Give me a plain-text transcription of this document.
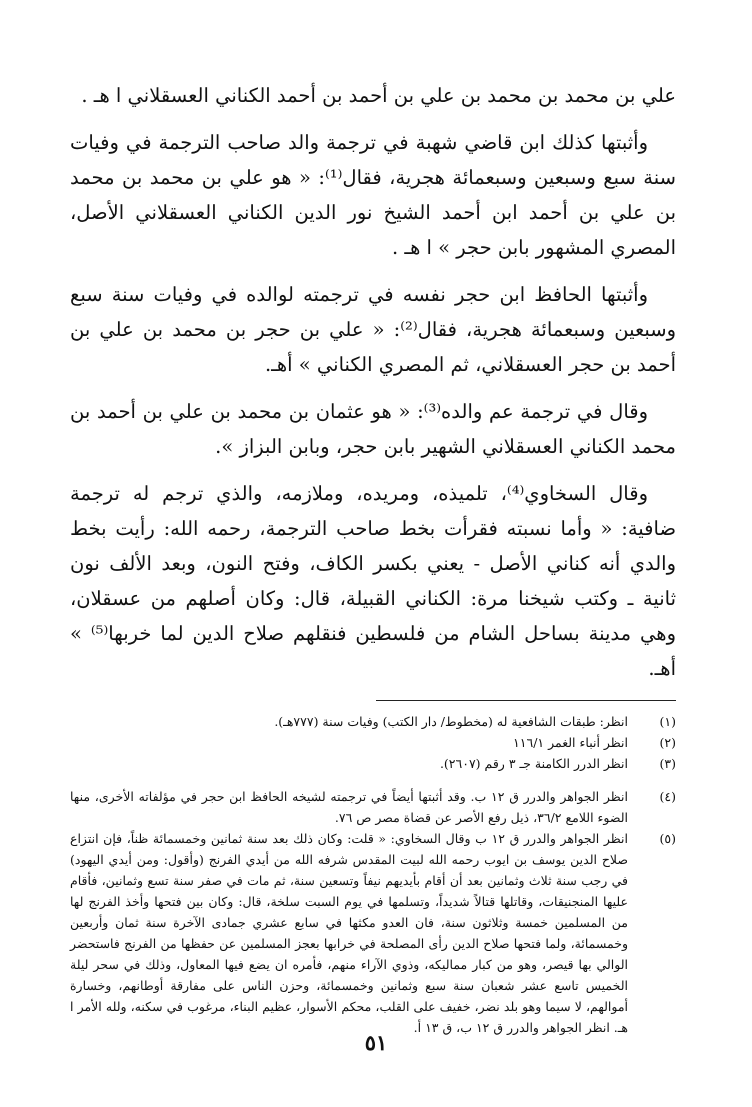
علي بن محمد بن محمد بن علي بن أحمد بن أحمد الكناني العسقلاني ا هـ .

وأثبتها كذلك ابن قاضي شهبة في ترجمة والد صاحب الترجمة في وفيات سنة سبع وسبعين وسبعمائة هجرية، فقال⁽¹⁾: « هو علي بن محمد بن محمد بن علي بن أحمد ابن أحمد الشيخ نور الدين الكناني العسقلاني الأصل، المصري المشهور بابن حجر » ا هـ .

وأثبتها الحافظ ابن حجر نفسه في ترجمته لوالده في وفيات سنة سبع وسبعين وسبعمائة هجرية، فقال⁽²⁾: « علي بن حجر بن محمد بن علي بن أحمد بن حجر العسقلاني، ثم المصري الكناني » أهـ.

وقال في ترجمة عم والده⁽³⁾: « هو عثمان بن محمد بن علي بن أحمد بن محمد الكناني العسقلاني الشهير بابن حجر، وبابن البزاز ».

وقال السخاوي⁽⁴⁾، تلميذه، ومريده، وملازمه، والذي ترجم له ترجمة ضافية: « وأما نسبته فقرأت بخط صاحب الترجمة، رحمه الله: رأيت بخط والدي أنه كناني الأصل - يعني بكسر الكاف، وفتح النون، وبعد الألف نون ثانية ـ وكتب شيخنا مرة: الكناني القبيلة، قال: وكان أصلهم من عسقلان، وهي مدينة بساحل الشام من فلسطين فنقلهم صلاح الدين لما خربها⁽⁵⁾ » أهـ.

(١)
انظر: طبقات الشافعية له (مخطوط/ دار الكتب) وفيات سنة (٧٧٧هـ).
(٢)
انظر أنباء الغمر ١١٦/١
(٣)
انظر الدرر الكامنة جـ ٣ رقم (٢٦٠٧).
(٤)
انظر الجواهر والدرر ق ١٢ ب. وقد أثبتها أيضاً في ترجمته لشيخه الحافظ ابن حجر في مؤلفاته الأخرى، منها الضوء اللامع ٣٦/٢، ذيل رفع الأصر عن قضاة مصر ص ٧٦.
(٥)
انظر الجواهر والدرر ق ١٢ ب وقال السخاوي: « قلت: وكان ذلك بعد سنة ثمانين وخمسمائة ظناً، فإن انتزاع صلاح الدين يوسف بن ايوب رحمه الله لبيت المقدس شرفه الله من أيدي الفرنج (وأقول: ومن أيدي اليهود) في رجب سنة ثلاث وثمانين بعد أن أقام بأيديهم نيفاً وتسعين سنة، ثم مات في صفر سنة تسع وثمانين، فأقام عليها المنجنيقات، وقاتلها قتالاً شديداً، وتسلمها في يوم السبت سلخة، قال: وكان بين فتحها وأخذ الفرنج لها من المسلمين خمسة وثلاثون سنة، فان العدو مكثها في سابع عشري جمادى الآخرة سنة ثمان وأربعين وخمسمائة، ولما فتحها صلاح الدين رأى المصلحة في خرابها بعجز المسلمين عن حفظها من الفرنج فاستحضر الوالي بها قيصر، وهو من كبار مماليكه، وذوي الآراء منهم، فأمره ان يضع فيها المعاول، وذلك في سحر ليلة الخميس تاسع عشر شعبان سنة سبع وثمانين وخمسمائة، وحزن الناس على مفارقة أوطانهم، وخسارة أموالهم، لا سيما وهو بلد نضر، خفيف على القلب، محكم الأسوار، عظيم البناء، مرغوب في سكنه، ولله الأمر ا هـ. انظر الجواهر والدرر ق ١٢ ب، ق ١٣ أ.
٥١
